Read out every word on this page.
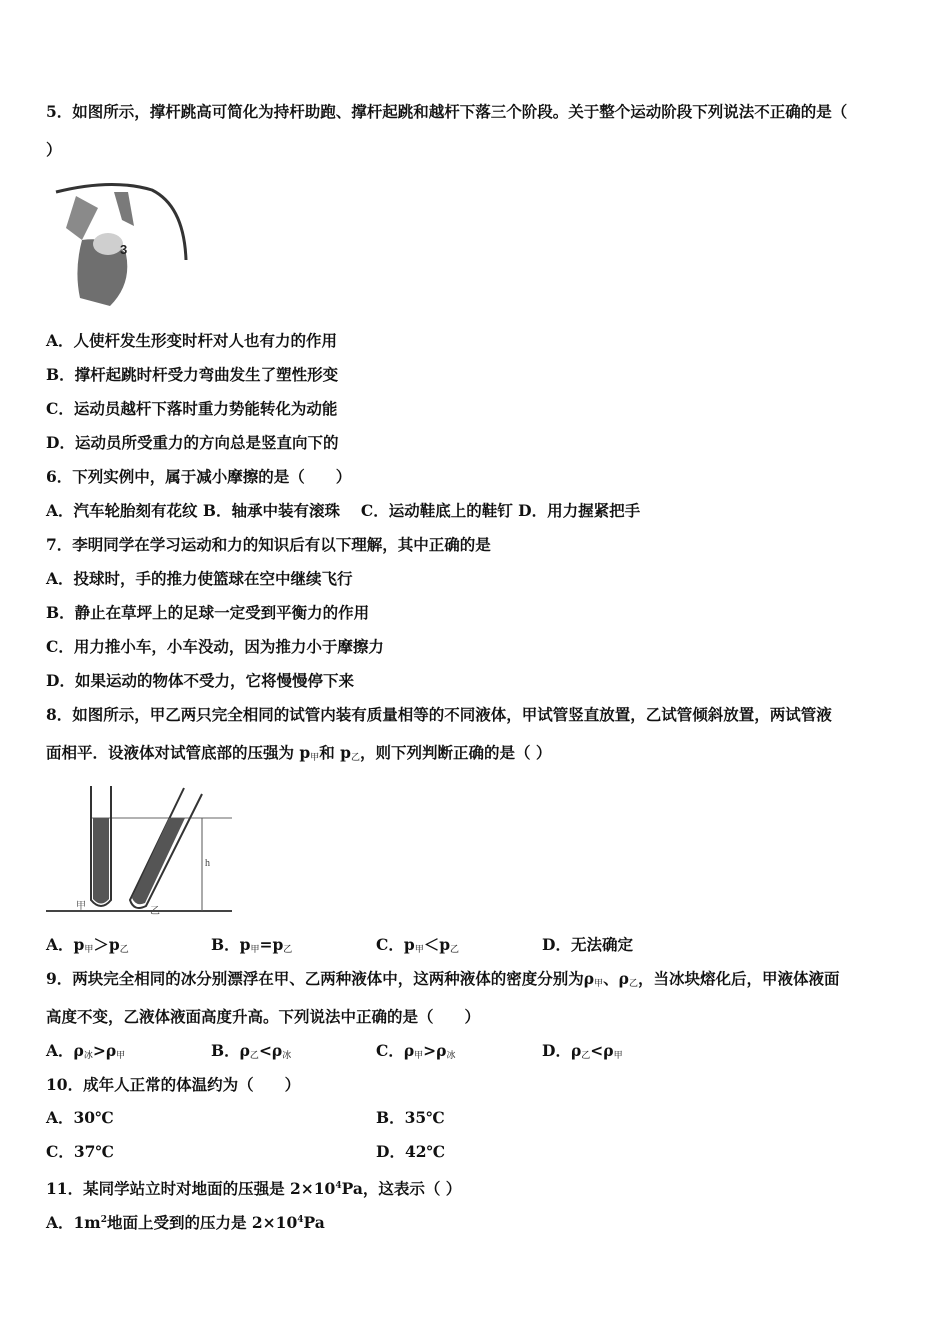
5．如图所示，撑杆跳高可简化为持杆助跑、撑杆起跳和越杆下落三个阶段。关于整个运动阶段下列说法不正确的是（
）
3
A．人使杆发生形变时杆对人也有力的作用
B．撑杆起跳时杆受力弯曲发生了塑性形变
C．运动员越杆下落时重力势能转化为动能
D．运动员所受重力的方向总是竖直向下的
6．下列实例中，属于减小摩擦的是（　　）
A．汽车轮胎刻有花纹 B．轴承中装有滚珠　 C．运动鞋底上的鞋钉 D．用力握紧把手
7．李明同学在学习运动和力的知识后有以下理解，其中正确的是
A．投球时，手的推力使篮球在空中继续飞行
B．静止在草坪上的足球一定受到平衡力的作用
C．用力推小车，小车没动，因为推力小于摩擦力
D．如果运动的物体不受力，它将慢慢停下来
8．如图所示，甲乙两只完全相同的试管内装有质量相等的不同液体，甲试管竖直放置，乙试管倾斜放置，两试管液
面相平．设液体对试管底部的压强为 $p_甲$和 $p_乙$，则下列判断正确的是（ ）
h
甲	乙
A．$p_甲>p_乙$	B．$p_甲=p_乙$	C．$p_甲<p_乙$	D．无法确定
9．两块完全相同的冰分别漂浮在甲、乙两种液体中，这两种液体的密度分别为$\rho_甲$、$\rho_乙$，当冰块熔化后，甲液体液面
高度不变，乙液体液面高度升高。下列说法中正确的是（　　）
A．$\rho_冰>\rho_甲$	B．$\rho_乙<\rho_冰$	C．$\rho_甲>\rho_冰$	D．$\rho_乙<\rho_甲$
10．成年人正常的体温约为（　　）
A．30℃	B．35℃
C．37℃	D．42℃
11．某同学站立时对地面的压强是 $2\times 10^4Pa$，这表示（ ）
A．$1m^2$地面上受到的压力是 $2\times 10^4Pa$
